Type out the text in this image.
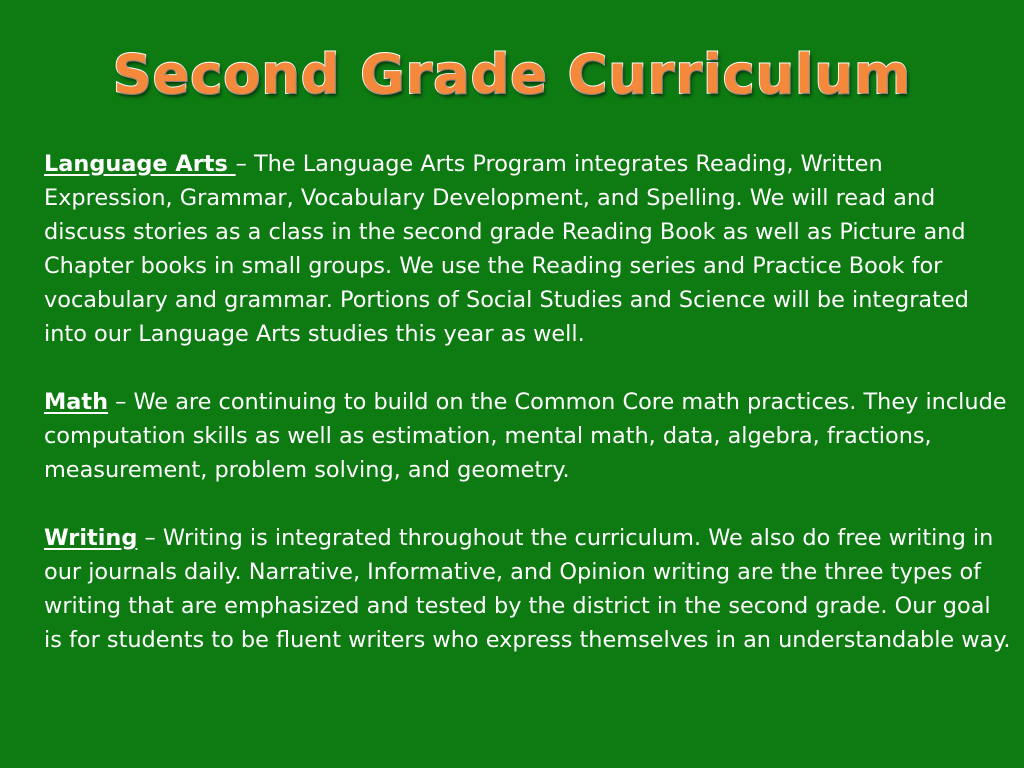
Second Grade Curriculum

Language Arts – The Language Arts Program integrates Reading, Written Expression, Grammar, Vocabulary Development, and Spelling. We will read and discuss stories as a class in the second grade Reading Book as well as Picture and Chapter books in small groups. We use the Reading series and Practice Book for vocabulary and grammar. Portions of Social Studies and Science will be integrated into our Language Arts studies this year as well.

Math – We are continuing to build on the Common Core math practices. They include computation skills as well as estimation, mental math, data, algebra, fractions, measurement, problem solving, and geometry.

Writing – Writing is integrated throughout the curriculum. We also do free writing in our journals daily. Narrative, Informative, and Opinion writing are the three types of writing that are emphasized and tested by the district in the second grade. Our goal is for students to be fluent writers who express themselves in an understandable way.
